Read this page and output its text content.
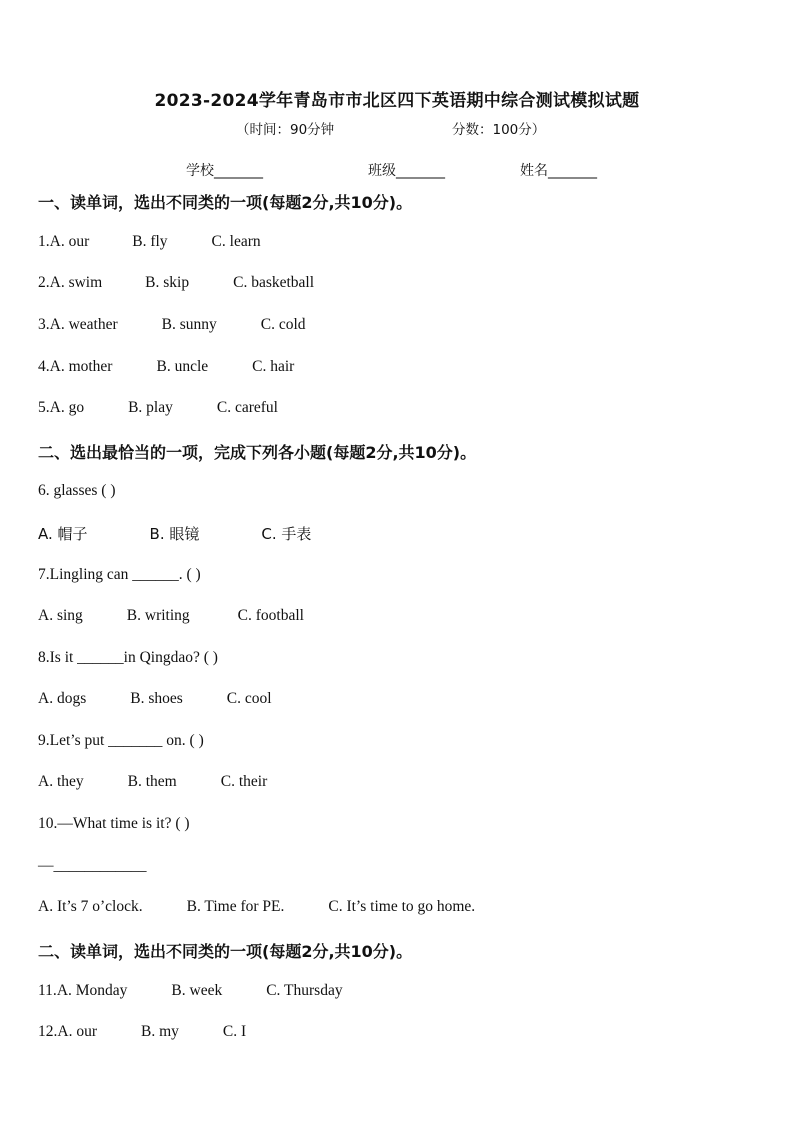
2023-2024学年青岛市市北区四下英语期中综合测试模拟试题
（时间：90分钟	分数：100分）
学校_______	班级_______	姓名_______
一、读单词，选出不同类的一项(每题2分,共10分)。
1.A. our	B. fly	C. learn
2.A. swim	B. skip	C. basketball
3.A. weather	B. sunny	C. cold
4.A. mother	B. uncle	C. hair
5.A. go	B. play	C. careful
二、选出最恰当的一项，完成下列各小题(每题2分,共10分)。
6. glasses ( )
A. 帽子	B. 眼镜	C. 手表
7.Lingling can ______. ( )
A. sing	B. writing	C. football
8.Is it ______in Qingdao? ( )
A. dogs	B. shoes	C. cool
9.Let’s put _______ on. ( )
A. they	B. them	C. their
10.—What time is it? ( )
—____________
A. It’s 7 o’clock.	B. Time for PE.	C. It’s time to go home.
二、读单词，选出不同类的一项(每题2分,共10分)。
11.A. Monday	B. week	C. Thursday
12.A. our	B. my	C. I
